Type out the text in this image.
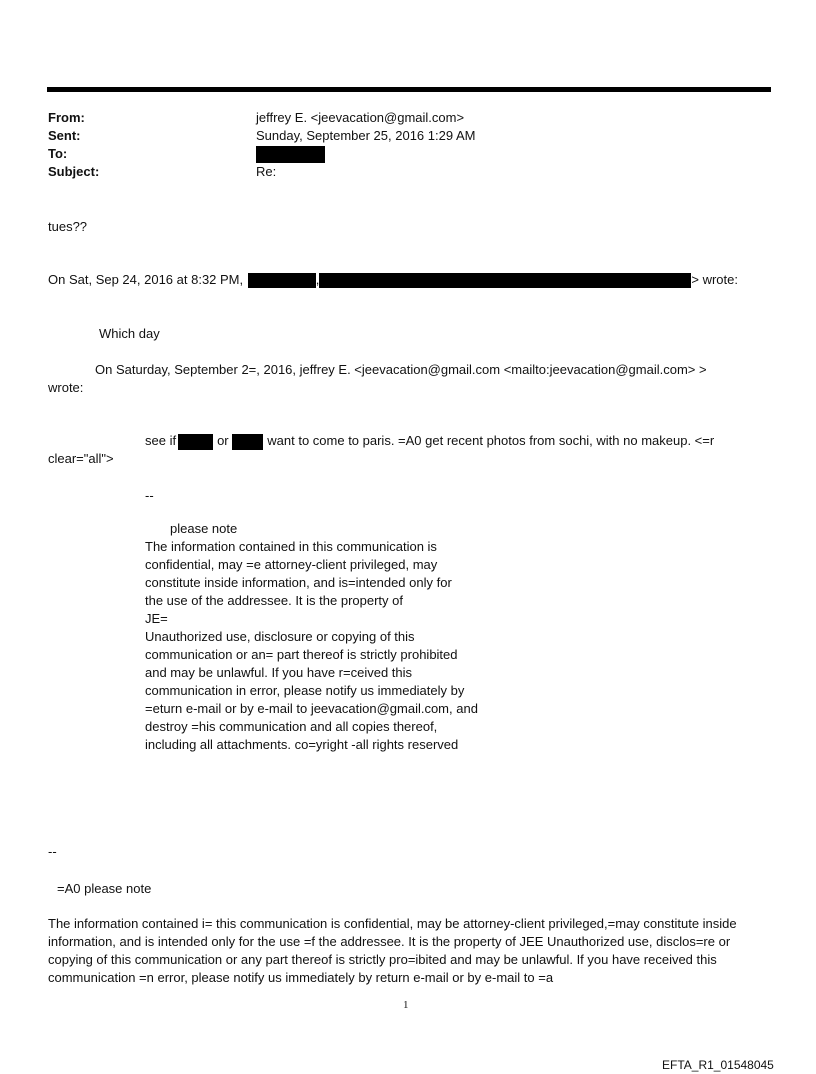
From:	jeffrey E. <jeevacation@gmail.com>
Sent:	Sunday, September 25, 2016 1:29 AM
To:
Subject:	Re:
tues??
On Sat, Sep 24, 2016 at 8:32 PM,	,	> wrote:
Which day
On Saturday, September 2=, 2016, jeffrey E. <jeevacation@gmail.com <mailto:jeevacation@gmail.com> >
wrote:
see if	or	want to come to paris. =A0 get recent photos from sochi, with no makeup. <=r
clear="all">
--

please note

The information contained in this communication is

confidential, may =e attorney-client privileged, may

constitute inside information, and is=intended only for

the use of the addressee. It is the property of

JE=

Unauthorized use, disclosure or copying of this

communication or an= part thereof is strictly prohibited

and may be unlawful. If you have r=ceived this

communication in error, please notify us immediately by

=eturn e-mail or by e-mail to jeevacation@gmail.com, and

destroy =his communication and all copies thereof,

including all attachments. co=yright -all rights reserved

--
=A0 please note
The information contained i= this communication is confidential, may be attorney-client privileged,=may constitute inside information, and is intended only for the use =f the addressee. It is the property of JEE Unauthorized use, disclos=re or copying of this communication or any part thereof is strictly pro=ibited and may be unlawful. If you have received this communication =n error, please notify us immediately by return e-mail or by e-mail to =a
1
EFTA_R1_01548045
